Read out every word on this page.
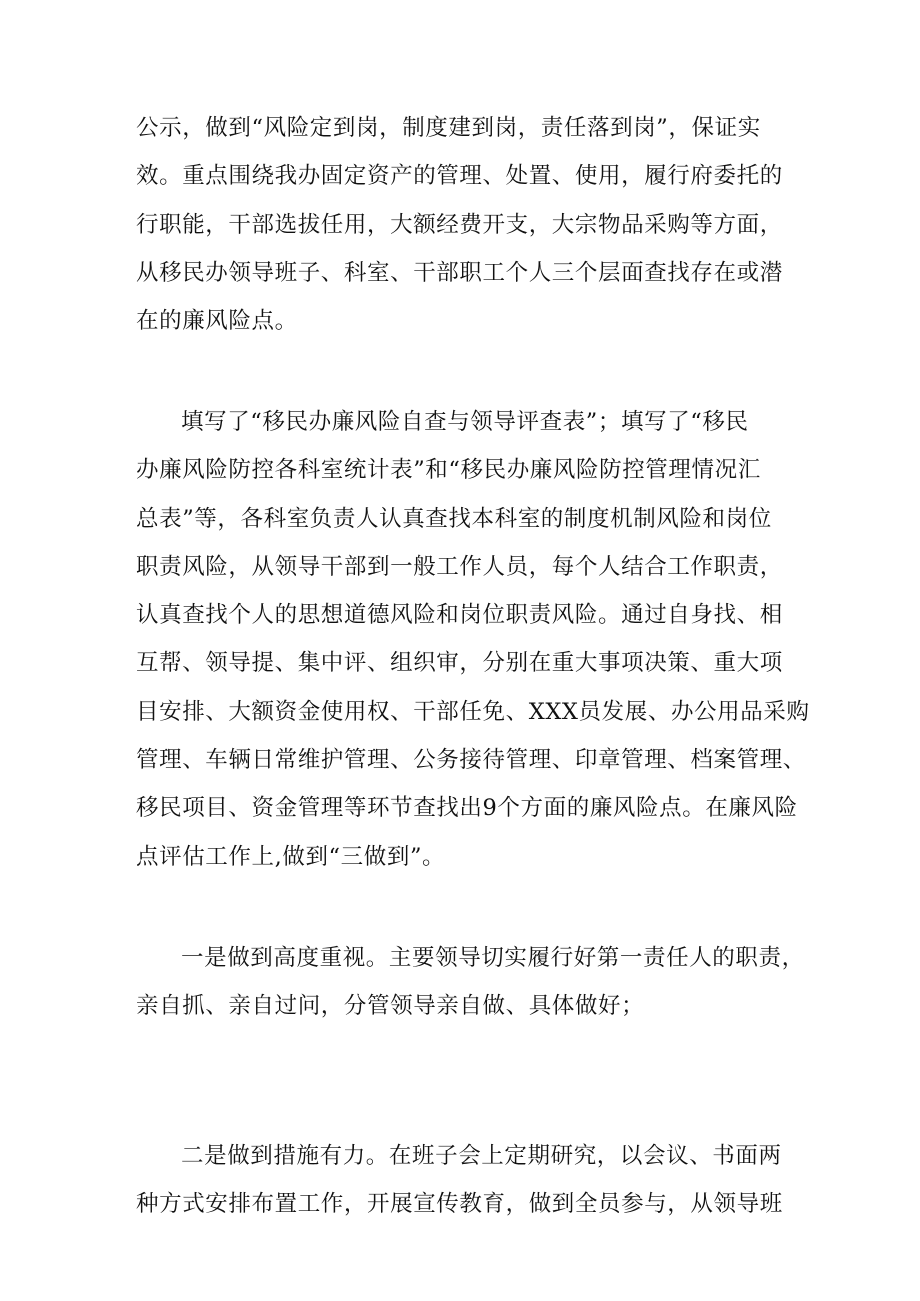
公示，做到“风险定到岗，制度建到岗，责任落到岗”，保证实
效。重点围绕我办固定资产的管理、处置、使用，履行府委托的
行职能，干部选拔任用，大额经费开支，大宗物品采购等方面，
从移民办领导班子、科室、干部职工个人三个层面查找存在或潜
在的廉风险点。

填写了“移民办廉风险自查与领导评查表”；填写了“移民
办廉风险防控各科室统计表”和“移民办廉风险防控管理情况汇
总表”等，各科室负责人认真查找本科室的制度机制风险和岗位
职责风险，从领导干部到一般工作人员，每个人结合工作职责，
认真查找个人的思想道德风险和岗位职责风险。通过自身找、相
互帮、领导提、集中评、组织审，分别在重大事项决策、重大项
目安排、大额资金使用权、干部任免、XXX员发展、办公用品采购
管理、车辆日常维护管理、公务接待管理、印章管理、档案管理、
移民项目、资金管理等环节查找出9个方面的廉风险点。在廉风险
点评估工作上,做到“三做到”。

一是做到高度重视。主要领导切实履行好第一责任人的职责，
亲自抓、亲自过问，分管领导亲自做、具体做好；

二是做到措施有力。在班子会上定期研究，以会议、书面两
种方式安排布置工作，开展宣传教育，做到全员参与，从领导班
